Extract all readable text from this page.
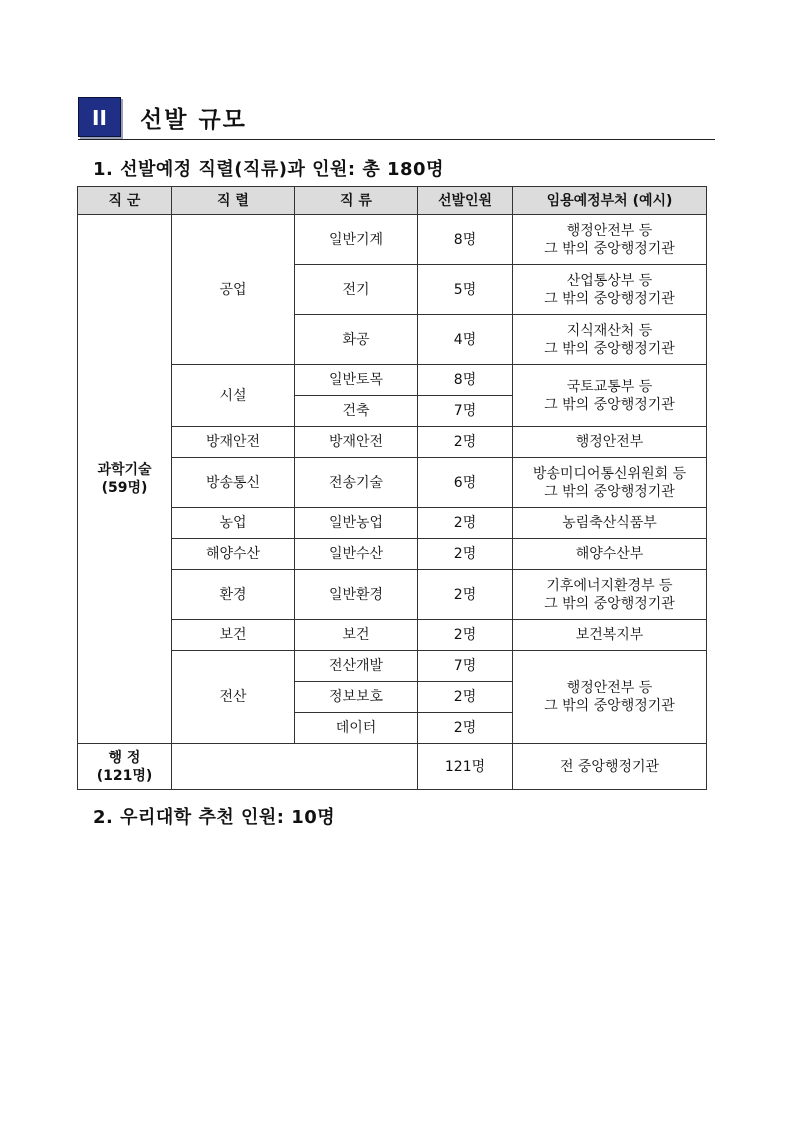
II	선발 규모
1. 선발예정 직렬(직류)과 인원: 총 180명
직 군	직 렬	직 류	선발인원	임용예정부처 (예시)

과학기술
(59명)	공업	일반기계	8명	행정안전부 등
그 밖의 중앙행정기관

		전기	5명	산업통상부 등
그 밖의 중앙행정기관

		화공	4명	지식재산처 등
그 밖의 중앙행정기관

	시설	일반토목	8명	국토교통부 등
그 밖의 중앙행정기관

		건축	7명	
	방재안전	방재안전	2명	행정안전부
	방송통신	전송기술	6명	방송미디어통신위원회 등
그 밖의 중앙행정기관

	농업	일반농업	2명	농림축산식품부
	해양수산	일반수산	2명	해양수산부
	환경	일반환경	2명	기후에너지환경부 등
그 밖의 중앙행정기관

	보건	보건	2명	보건복지부
	전산	전산개발	7명	행정안전부 등
그 밖의 중앙행정기관

		정보보호	2명	
		데이터	2명	

행 정
(121명)			121명	전 중앙행정기관
2. 우리대학 추천 인원: 10명
